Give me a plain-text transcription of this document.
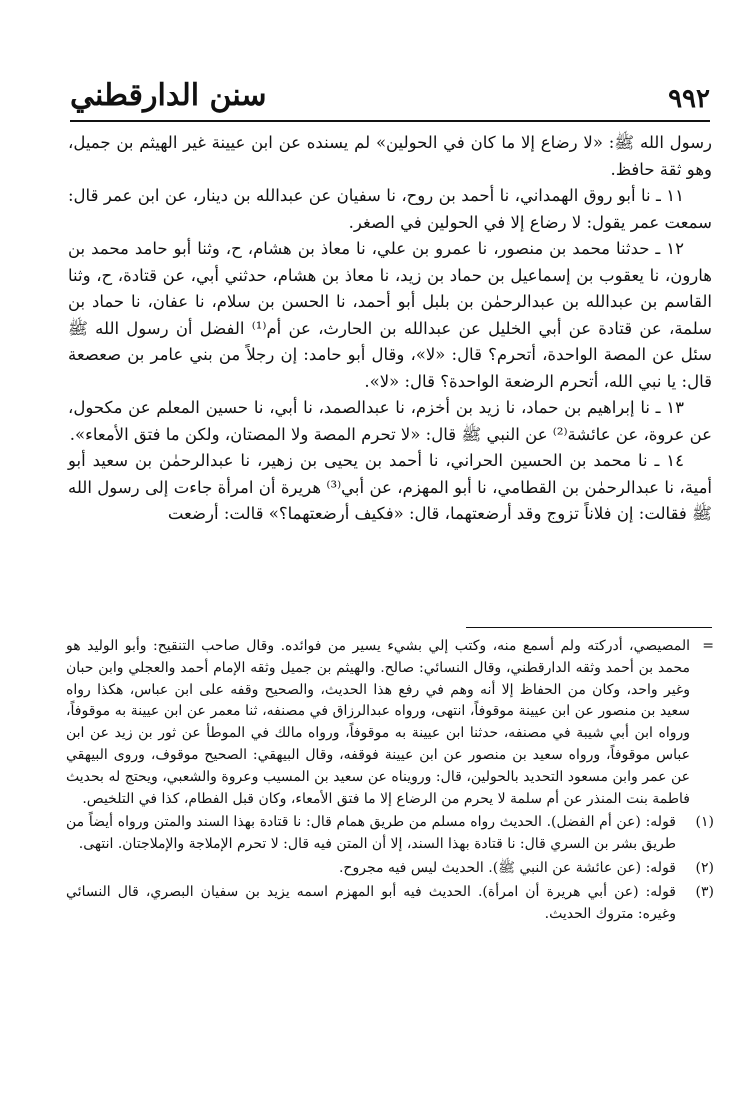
سنن الدارقطني	٩٩٢

رسول الله ﷺ: «لا رضاع إلا ما كان في الحولين» لم يسنده عن ابن عيينة غير الهيثم بن جميل، وهو ثقة حافظ.

١١ ـ نا أبو روق الهمداني، نا أحمد بن روح، نا سفيان عن عبدالله بن دينار، عن ابن عمر قال: سمعت عمر يقول: لا رضاع إلا في الحولين في الصغر.

١٢ ـ حدثنا محمد بن منصور، نا عمرو بن علي، نا معاذ بن هشام، ح، وثنا أبو حامد محمد بن هارون، نا يعقوب بن إسماعيل بن حماد بن زيد، نا معاذ بن هشام، حدثني أبي، عن قتادة، ح، وثنا القاسم بن عبدالله بن عبدالرحمٰن بن بلبل أبو أحمد، نا الحسن بن سلام، نا عفان، نا حماد بن سلمة، عن قتادة عن أبي الخليل عن عبدالله بن الحارث، عن أم⁽¹⁾ الفضل أن رسول الله ﷺ سئل عن المصة الواحدة، أتحرم؟ قال: «لا»، وقال أبو حامد: إن رجلاً من بني عامر بن صعصعة قال: يا نبي الله، أتحرم الرضعة الواحدة؟ قال: «لا».

١٣ ـ نا إبراهيم بن حماد، نا زيد بن أخزم، نا عبدالصمد، نا أبي، نا حسين المعلم عن مكحول، عن عروة، عن عائشة⁽²⁾ عن النبي ﷺ قال: «لا تحرم المصة ولا المصتان، ولكن ما فتق الأمعاء».

١٤ ـ نا محمد بن الحسين الحراني، نا أحمد بن يحيى بن زهير، نا عبدالرحمٰن بن سعيد أبو أمية، نا عبدالرحمٰن بن القطامي، نا أبو المهزم، عن أبي⁽³⁾ هريرة أن امرأة جاءت إلى رسول الله ﷺ فقالت: إن فلاناً تزوج وقد أرضعتهما، قال: «فكيف أرضعتهما؟» قالت: أرضعت

=
المصيصي، أدركته ولم أسمع منه، وكتب إلي بشيء يسير من فوائده. وقال صاحب التنقيح: وأبو الوليد هو محمد بن أحمد وثقه الدارقطني، وقال النسائي: صالح. والهيثم بن جميل وثقه الإمام أحمد والعجلي وابن حبان وغير واحد، وكان من الحفاظ إلا أنه وهم في رفع هذا الحديث، والصحيح وقفه على ابن عباس، هكذا رواه سعيد بن منصور عن ابن عيينة موقوفاً، انتهى، ورواه عبدالرزاق في مصنفه، ثنا معمر عن ابن عيينة به موقوفاً، ورواه ابن أبي شيبة في مصنفه، حدثنا ابن عيينة به موقوفاً، ورواه مالك في الموطأ عن ثور بن زيد عن ابن عباس موقوفاً، ورواه سعيد بن منصور عن ابن عيينة فوقفه، وقال البيهقي: الصحيح موقوف، وروى البيهقي عن عمر وابن مسعود التحديد بالحولين، قال: ورويناه عن سعيد بن المسيب وعروة والشعبي، ويحتج له بحديث فاطمة بنت المنذر عن أم سلمة لا يحرم من الرضاع إلا ما فتق الأمعاء، وكان قبل الفطام، كذا في التلخيص.

(١)
قوله: (عن أم الفضل). الحديث رواه مسلم من طريق همام قال: نا قتادة بهذا السند والمتن ورواه أيضاً من طريق بشر بن السري قال: نا قتادة بهذا السند، إلا أن المتن فيه قال: لا تحرم الإملاجة والإملاجتان. انتهى.

(٢)
قوله: (عن عائشة عن النبي ﷺ). الحديث ليس فيه مجروح.

(٣)
قوله: (عن أبي هريرة أن امرأة). الحديث فيه أبو المهزم اسمه يزيد بن سفيان البصري، قال النسائي وغيره: متروك الحديث.
